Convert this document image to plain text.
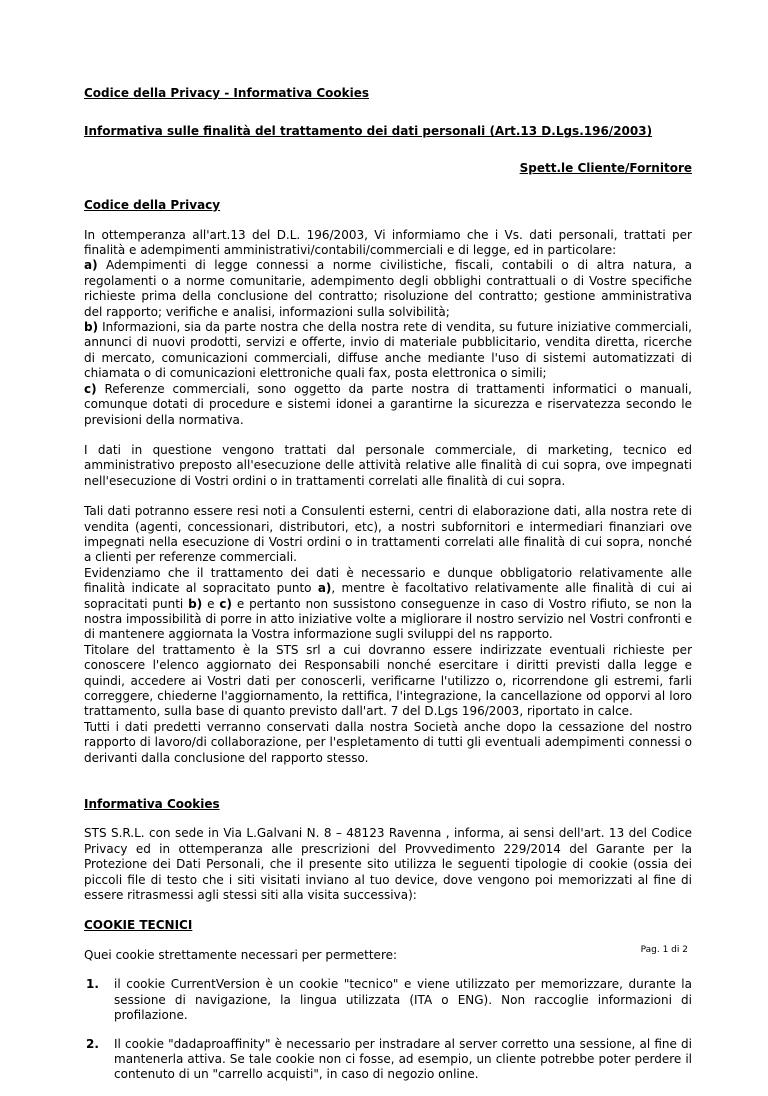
Codice della Privacy - Informativa Cookies
Informativa sulle finalità del trattamento dei dati personali (Art.13 D.Lgs.196/2003)
Spett.le Cliente/Fornitore
Codice della Privacy

In ottemperanza all'art.13 del D.L. 196/2003, Vi informiamo che i Vs. dati personali, trattati per finalità e adempimenti amministrativi/contabili/commerciali e di legge, ed in particolare:
a) Adempimenti di legge connessi a norme civilistiche, fiscali, contabili o di altra natura, a regolamenti o a norme comunitarie, adempimento degli obblighi contrattuali o di Vostre specifiche richieste prima della conclusione del contratto; risoluzione del contratto; gestione amministrativa del rapporto; verifiche e analisi, informazioni sulla solvibilità;
b) Informazioni, sia da parte nostra che della nostra rete di vendita, su future iniziative commerciali, annunci di nuovi prodotti, servizi e offerte, invio di materiale pubblicitario, vendita diretta, ricerche di mercato, comunicazioni commerciali, diffuse anche mediante l'uso di sistemi automatizzati di chiamata o di comunicazioni elettroniche quali fax, posta elettronica o simili;
c) Referenze commerciali, sono oggetto da parte nostra di trattamenti informatici o manuali, comunque dotati di procedure e sistemi idonei a garantirne la sicurezza e riservatezza secondo le previsioni della normativa.

I dati in questione vengono trattati dal personale commerciale, di marketing, tecnico ed amministrativo preposto all'esecuzione delle attività relative alle finalità di cui sopra, ove impegnati nell'esecuzione di Vostri ordini o in trattamenti correlati alle finalità di cui sopra.

Tali dati potranno essere resi noti a Consulenti esterni, centri di elaborazione dati, alla nostra rete di vendita (agenti, concessionari, distributori, etc), a nostri subfornitori e intermediari finanziari ove impegnati nella esecuzione di Vostri ordini o in trattamenti correlati alle finalità di cui sopra, nonché a clienti per referenze commerciali.
Evidenziamo che il trattamento dei dati è necessario e dunque obbligatorio relativamente alle finalità indicate al sopracitato punto a), mentre è facoltativo relativamente alle finalità di cui ai sopracitati punti b) e c) e pertanto non sussistono conseguenze in caso di Vostro rifiuto, se non la nostra impossibilità di porre in atto iniziative volte a migliorare il nostro servizio nel Vostri confronti e di mantenere aggiornata la Vostra informazione sugli sviluppi del ns rapporto.
Titolare del trattamento è la STS srl a cui dovranno essere indirizzate eventuali richieste per conoscere l'elenco aggiornato dei Responsabili nonché esercitare i diritti previsti dalla legge e quindi, accedere ai Vostri dati per conoscerli, verificarne l'utilizzo o, ricorrendone gli estremi, farli correggere, chiederne l'aggiornamento, la rettifica, l'integrazione, la cancellazione od opporvi al loro trattamento, sulla base di quanto previsto dall'art. 7 del D.Lgs 196/2003, riportato in calce.
Tutti i dati predetti verranno conservati dalla nostra Società anche dopo la cessazione del nostro rapporto di lavoro/di collaborazione, per l'espletamento di tutti gli eventuali adempimenti connessi o derivanti dalla conclusione del rapporto stesso.

Informativa Cookies

STS S.R.L. con sede in Via L.Galvani N. 8 – 48123 Ravenna , informa, ai sensi dell'art. 13 del Codice Privacy ed in ottemperanza alle prescrizioni del Provvedimento 229/2014 del Garante per la Protezione dei Dati Personali, che il presente sito utilizza le seguenti tipologie di cookie (ossia dei piccoli file di testo che i siti visitati inviano al tuo device, dove vengono poi memorizzati al fine di essere ritrasmessi agli stessi siti alla visita successiva):

COOKIE TECNICI

Quei cookie strettamente necessari per permettere:

1. il cookie CurrentVersion è un cookie "tecnico" e viene utilizzato per memorizzare, durante la sessione di navigazione, la lingua utilizzata (ITA o ENG). Non raccoglie informazioni di profilazione.
2. Il cookie "dadaproaffinity" è necessario per instradare al server corretto una sessione, al fine di mantenerla attiva. Se tale cookie non ci fosse, ad esempio, un cliente potrebbe poter perdere il contenuto di un "carrello acquisti", in caso di negozio online.
Pag. 1 di 2
